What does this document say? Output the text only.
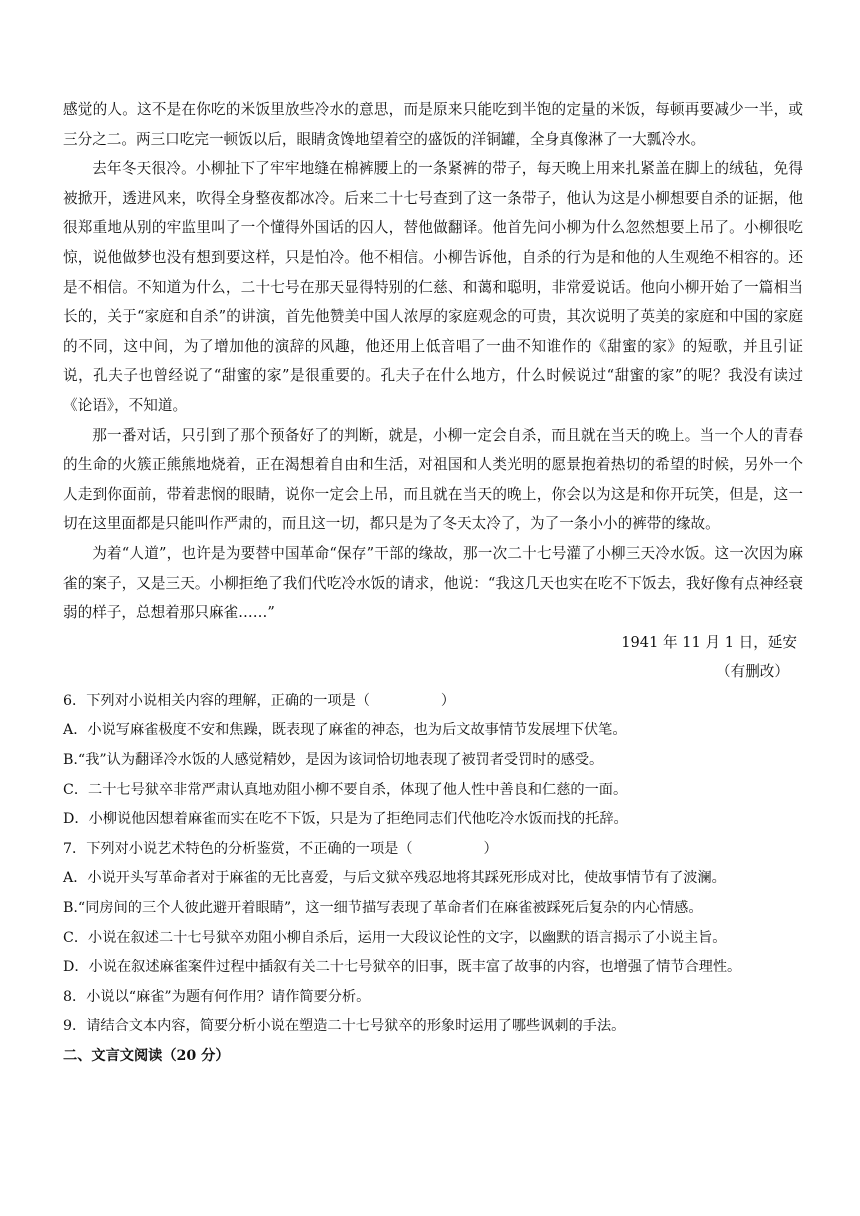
感觉的人。这不是在你吃的米饭里放些冷水的意思，而是原来只能吃到半饱的定量的米饭，每顿再要减少一半，或三分之二。两三口吃完一顿饭以后，眼睛贪馋地望着空的盛饭的洋铜罐，全身真像淋了一大瓢冷水。

去年冬天很冷。小柳扯下了牢牢地缝在棉裤腰上的一条紧裤的带子，每天晚上用来扎紧盖在脚上的绒毡，免得被掀开，透进风来，吹得全身整夜都冰冷。后来二十七号查到了这一条带子，他认为这是小柳想要自杀的证据，他很郑重地从别的牢监里叫了一个懂得外国话的囚人，替他做翻译。他首先问小柳为什么忽然想要上吊了。小柳很吃惊，说他做梦也没有想到要这样，只是怕冷。他不相信。小柳告诉他，自杀的行为是和他的人生观绝不相容的。还是不相信。不知道为什么，二十七号在那天显得特别的仁慈、和蔼和聪明，非常爱说话。他向小柳开始了一篇相当长的，关于“家庭和自杀”的讲演，首先他赞美中国人浓厚的家庭观念的可贵，其次说明了英美的家庭和中国的家庭的不同，这中间，为了增加他的演辞的风趣，他还用上低音唱了一曲不知谁作的《甜蜜的家》的短歌，并且引证说，孔夫子也曾经说了“甜蜜的家”是很重要的。孔夫子在什么地方，什么时候说过“甜蜜的家”的呢？我没有读过《论语》，不知道。

那一番对话，只引到了那个预备好了的判断，就是，小柳一定会自杀，而且就在当天的晚上。当一个人的青春的生命的火簇正熊熊地烧着，正在渴想着自由和生活，对祖国和人类光明的愿景抱着热切的希望的时候，另外一个人走到你面前，带着悲悯的眼睛，说你一定会上吊，而且就在当天的晚上，你会以为这是和你开玩笑，但是，这一切在这里面都是只能叫作严肃的，而且这一切，都只是为了冬天太冷了，为了一条小小的裤带的缘故。

为着“人道”，也许是为要替中国革命“保存”干部的缘故，那一次二十七号灌了小柳三天冷水饭。这一次因为麻雀的案子，又是三天。小柳拒绝了我们代吃冷水饭的请求，他说：“我这几天也实在吃不下饭去，我好像有点神经衰弱的样子，总想着那只麻雀……”

1941 年 11 月 1 日，延安

（有删改）

6．下列对小说相关内容的理解，正确的一项是（　　　　　）

A．小说写麻雀极度不安和焦躁，既表现了麻雀的神态，也为后文故事情节发展埋下伏笔。

B.“我”认为翻译冷水饭的人感觉精妙，是因为该词恰切地表现了被罚者受罚时的感受。

C．二十七号狱卒非常严肃认真地劝阻小柳不要自杀，体现了他人性中善良和仁慈的一面。

D．小柳说他因想着麻雀而实在吃不下饭，只是为了拒绝同志们代他吃冷水饭而找的托辞。

7．下列对小说艺术特色的分析鉴赏，不正确的一项是（　　　　　）

A．小说开头写革命者对于麻雀的无比喜爱，与后文狱卒残忍地将其踩死形成对比，使故事情节有了波澜。

B.“同房间的三个人彼此避开着眼睛”，这一细节描写表现了革命者们在麻雀被踩死后复杂的内心情感。

C．小说在叙述二十七号狱卒劝阻小柳自杀后，运用一大段议论性的文字，以幽默的语言揭示了小说主旨。

D．小说在叙述麻雀案件过程中插叙有关二十七号狱卒的旧事，既丰富了故事的内容，也增强了情节合理性。

8．小说以“麻雀”为题有何作用？请作简要分析。

9．请结合文本内容，简要分析小说在塑造二十七号狱卒的形象时运用了哪些讽刺的手法。

二、文言文阅读（20 分）
